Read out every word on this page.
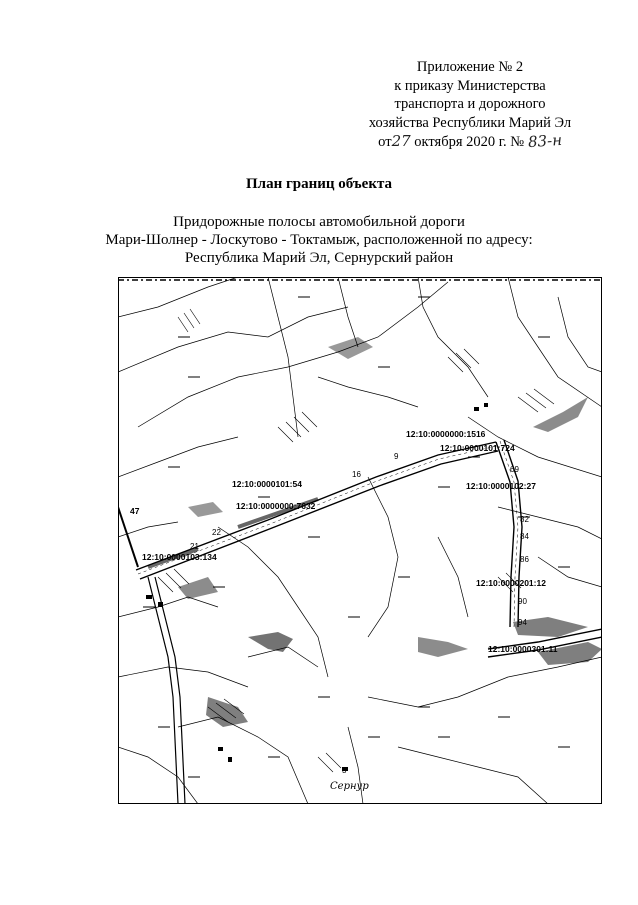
Приложение № 2
к приказу Министерства
транспорта и дорожного
хозяйства Республики Марий Эл
от27 октября 2020 г. № 83-н
План границ объекта
Придорожные полосы автомобильной дороги
Мари-Шолнер - Лоскутово - Токтамыж, расположенной по адресу:
Республика Марий Эл, Сернурский район
12:10:0000000:1516
12:10:0000101:724
12:10:0000101:54
12:10:0000000:7632
12:10:0000102:27
12:10:0000103:134
12:10:0000201:12
12:10:0000301:11
47
21
22
69
82
84
86
90
94
16
9
3
Сернур
